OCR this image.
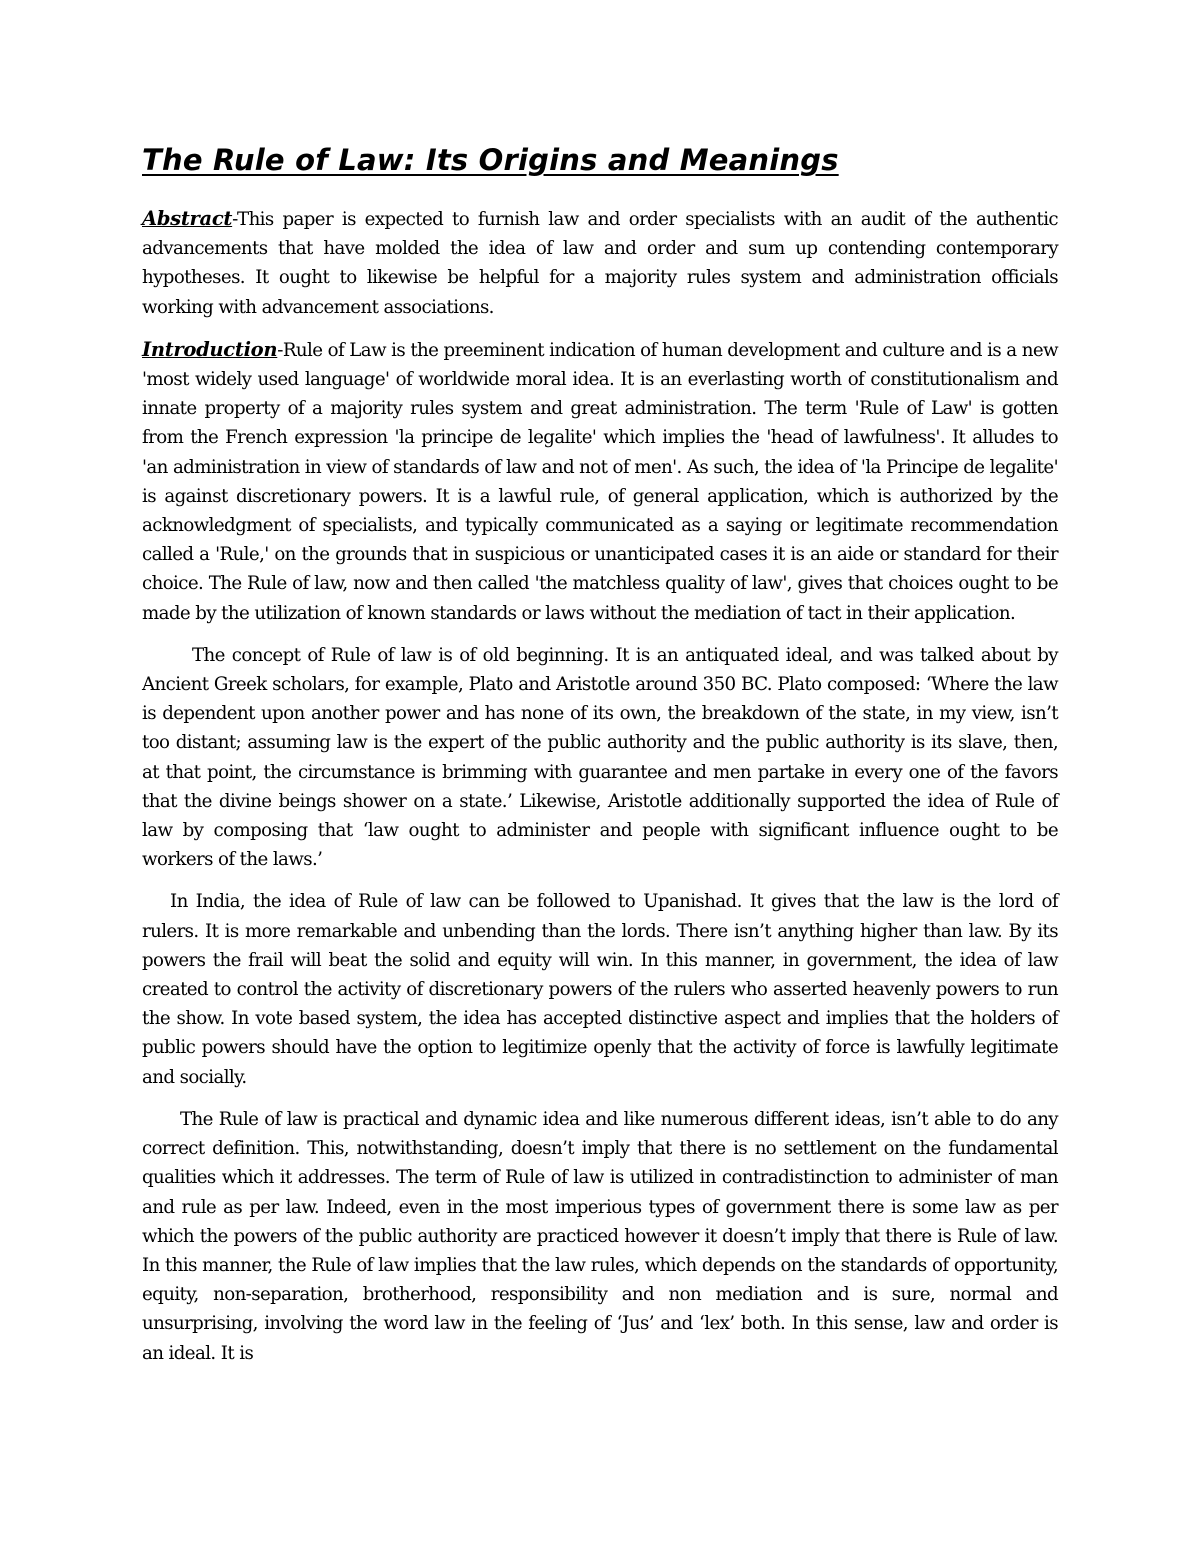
The Rule of Law: Its Origins and Meanings

Abstract-This paper is expected to furnish law and order specialists with an audit of the authentic advancements that have molded the idea of law and order and sum up contending contemporary hypotheses. It ought to likewise be helpful for a majority rules system and administration officials working with advancement associations.

Introduction-Rule of Law is the preeminent indication of human development and culture and is a new 'most widely used language' of worldwide moral idea. It is an everlasting worth of constitutionalism and innate property of a majority rules system and great administration. The term 'Rule of Law' is gotten from the French expression 'la principe de legalite' which implies the 'head of lawfulness'. It alludes to 'an administration in view of standards of law and not of men'. As such, the idea of 'la Principe de legalite' is against discretionary powers. It is a lawful rule, of general application, which is authorized by the acknowledgment of specialists, and typically communicated as a saying or legitimate recommendation called a 'Rule,' on the grounds that in suspicious or unanticipated cases it is an aide or standard for their choice. The Rule of law, now and then called 'the matchless quality of law', gives that choices ought to be made by the utilization of known standards or laws without the mediation of tact in their application.

The concept of Rule of law is of old beginning. It is an antiquated ideal, and was talked about by Ancient Greek scholars, for example, Plato and Aristotle around 350 BC. Plato composed: ‘Where the law is dependent upon another power and has none of its own, the breakdown of the state, in my view, isn’t too distant; assuming law is the expert of the public authority and the public authority is its slave, then, at that point, the circumstance is brimming with guarantee and men partake in every one of the favors that the divine beings shower on a state.’ Likewise, Aristotle additionally supported the idea of Rule of law by composing that ‘law ought to administer and people with significant influence ought to be workers of the laws.’

In India, the idea of Rule of law can be followed to Upanishad. It gives that the law is the lord of rulers. It is more remarkable and unbending than the lords. There isn’t anything higher than law. By its powers the frail will beat the solid and equity will win. In this manner, in government, the idea of law created to control the activity of discretionary powers of the rulers who asserted heavenly powers to run the show. In vote based system, the idea has accepted distinctive aspect and implies that the holders of public powers should have the option to legitimize openly that the activity of force is lawfully legitimate and socially.

The Rule of law is practical and dynamic idea and like numerous different ideas, isn’t able to do any correct definition. This, notwithstanding, doesn’t imply that there is no settlement on the fundamental qualities which it addresses. The term of Rule of law is utilized in contradistinction to administer of man and rule as per law. Indeed, even in the most imperious types of government there is some law as per which the powers of the public authority are practiced however it doesn’t imply that there is Rule of law. In this manner, the Rule of law implies that the law rules, which depends on the standards of opportunity, equity, non-separation, brotherhood, responsibility and non mediation and is sure, normal and unsurprising, involving the word law in the feeling of ‘Jus’ and ‘lex’ both. In this sense, law and order is an ideal. It is
